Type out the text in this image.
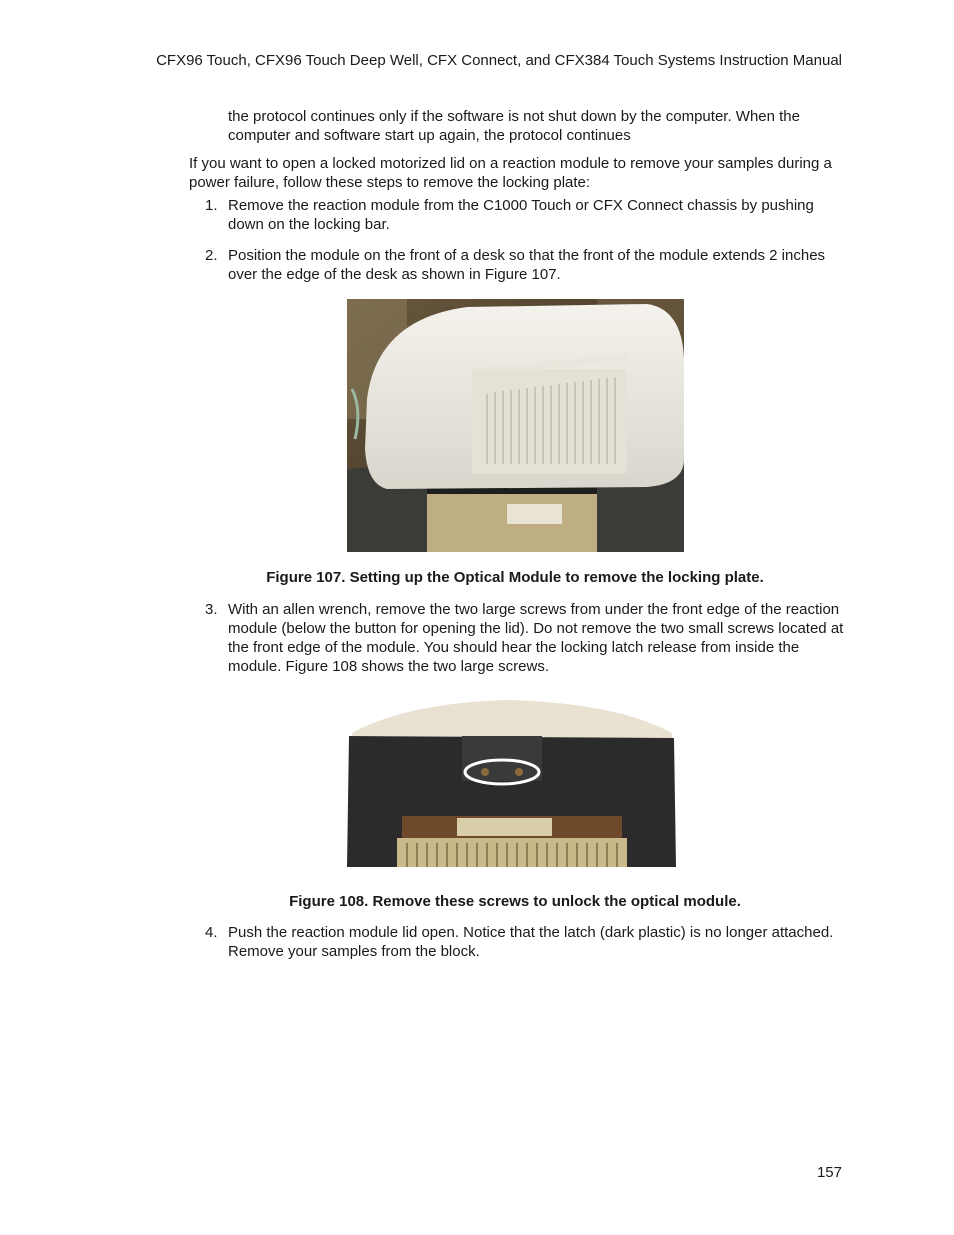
CFX96 Touch, CFX96 Touch Deep Well, CFX Connect, and CFX384 Touch Systems Instruction Manual
the protocol continues only if the software is not shut down by the computer. When the computer and software start up again, the protocol continues
If you want to open a locked motorized lid on a reaction module to remove your samples during a power failure, follow these steps to remove the locking plate:
1. Remove the reaction module from the C1000 Touch or CFX Connect chassis by pushing down on the locking bar.
2. Position the module on the front of a desk so that the front of the module extends 2 inches over the edge of the desk as shown in Figure 107.
Figure 107. Setting up the Optical Module to remove the locking plate.
3. With an allen wrench, remove the two large screws from under the front edge of the reaction module (below the button for opening the lid). Do not remove the two small screws located at the front edge of the module. You should hear the locking latch release from inside the module. Figure 108 shows the two large screws.
Figure 108. Remove these screws to unlock the optical module.
4. Push the reaction module lid open. Notice that the latch (dark plastic) is no longer attached. Remove your samples from the block.
157
